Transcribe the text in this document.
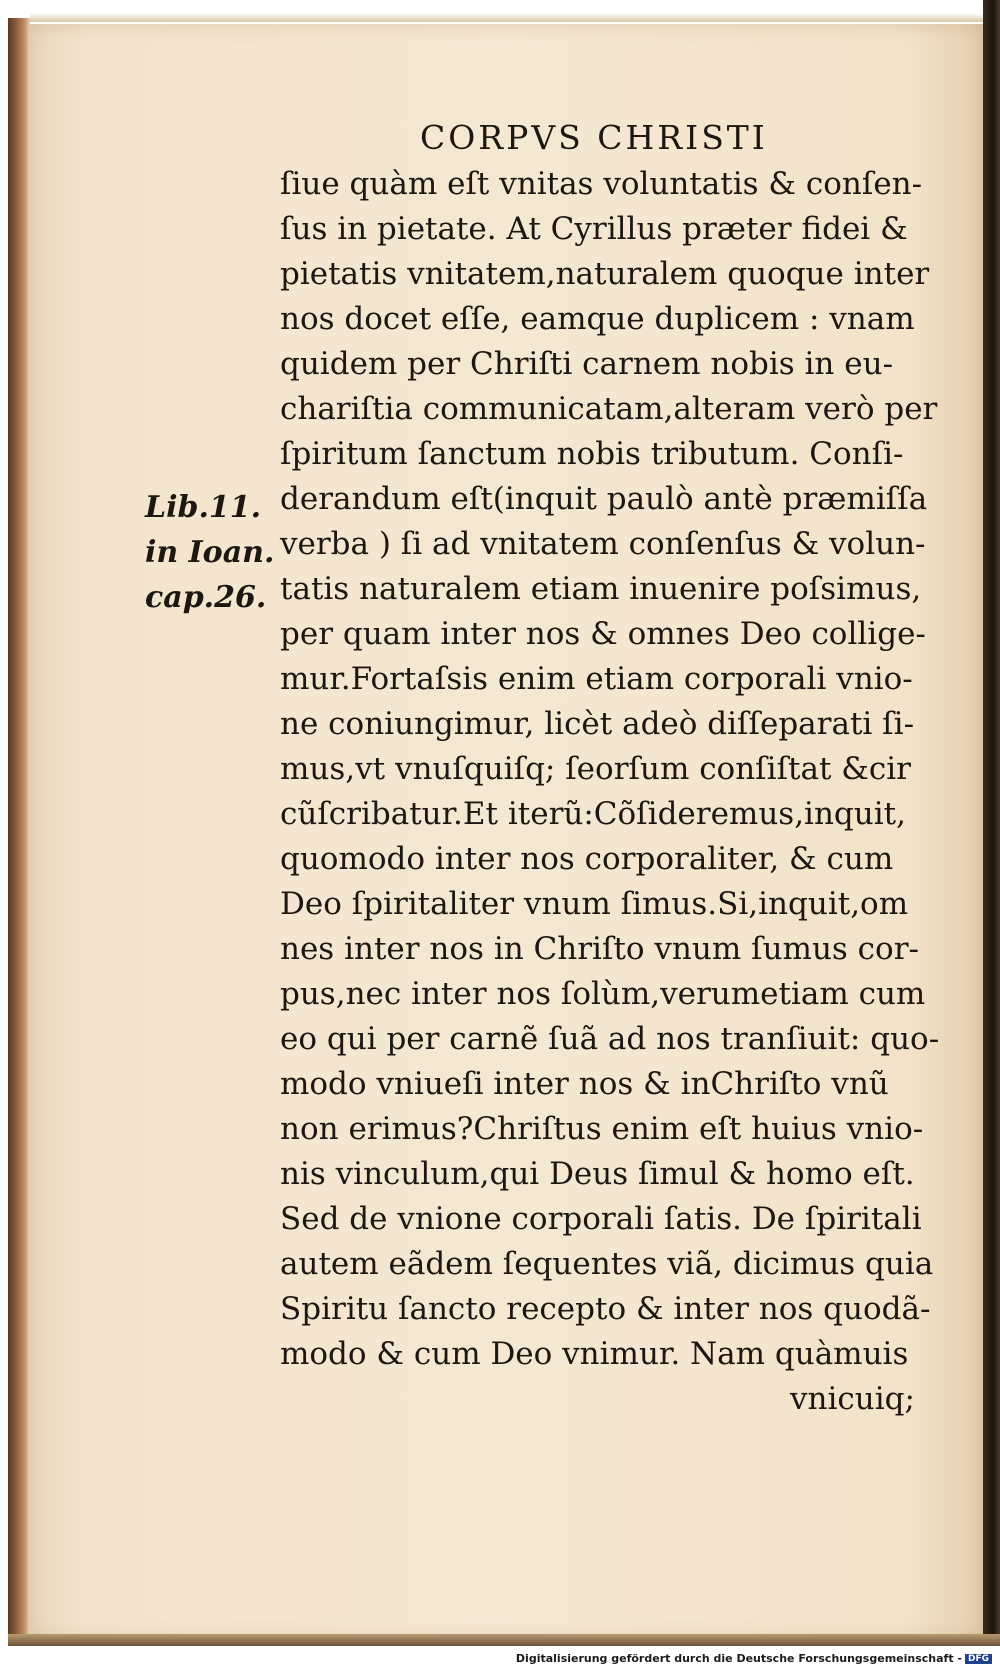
CORPVS CHRISTI
Lib.11.
in Ioan.
cap.26.
ſiue quàm eſt vnitas voluntatis & conſen-
ſus in pietate. At Cyrillus præter fidei &
pietatis vnitatem,naturalem quoque inter
nos docet eſſe, eamque duplicem : vnam
quidem per Chriſti carnem nobis in eu-
chariſtia communicatam,alteram verò per
ſpiritum ſanctum nobis tributum. Conſi-
derandum eſt(inquit paulò antè præmiſſa
verba ) ſi ad vnitatem conſenſus & volun-
tatis naturalem etiam inuenire poſsimus,
per quam inter nos & omnes Deo collige-
mur.Fortaſsis enim etiam corporali vnio-
ne coniungimur, licèt adeò diſſeparati ſi-
mus,vt vnuſquiſq; ſeorſum conſiſtat &cir
cũſcribatur.Et iterũ:Cõſideremus,inquit,
quomodo inter nos corporaliter, & cum
Deo ſpiritaliter vnum ſimus.Si,inquit,om
nes inter nos in Chriſto vnum ſumus cor-
pus,nec inter nos ſolùm,verumetiam cum
eo qui per carnẽ ſuã ad nos tranſiuit: quo-
modo vniueſi inter nos & inChriſto vnũ
non erimus?Chriſtus enim eſt huius vnio-
nis vinculum,qui Deus ſimul & homo eſt.
Sed de vnione corporali ſatis. De ſpiritali
autem eãdem ſequentes viã, dicimus quia
Spiritu ſancto recepto & inter nos quodã-
modo & cum Deo vnimur. Nam quàmuis
vnicuiq;
Digitalisierung gefördert durch die Deutsche Forschungsgemeinschaft - DFG
